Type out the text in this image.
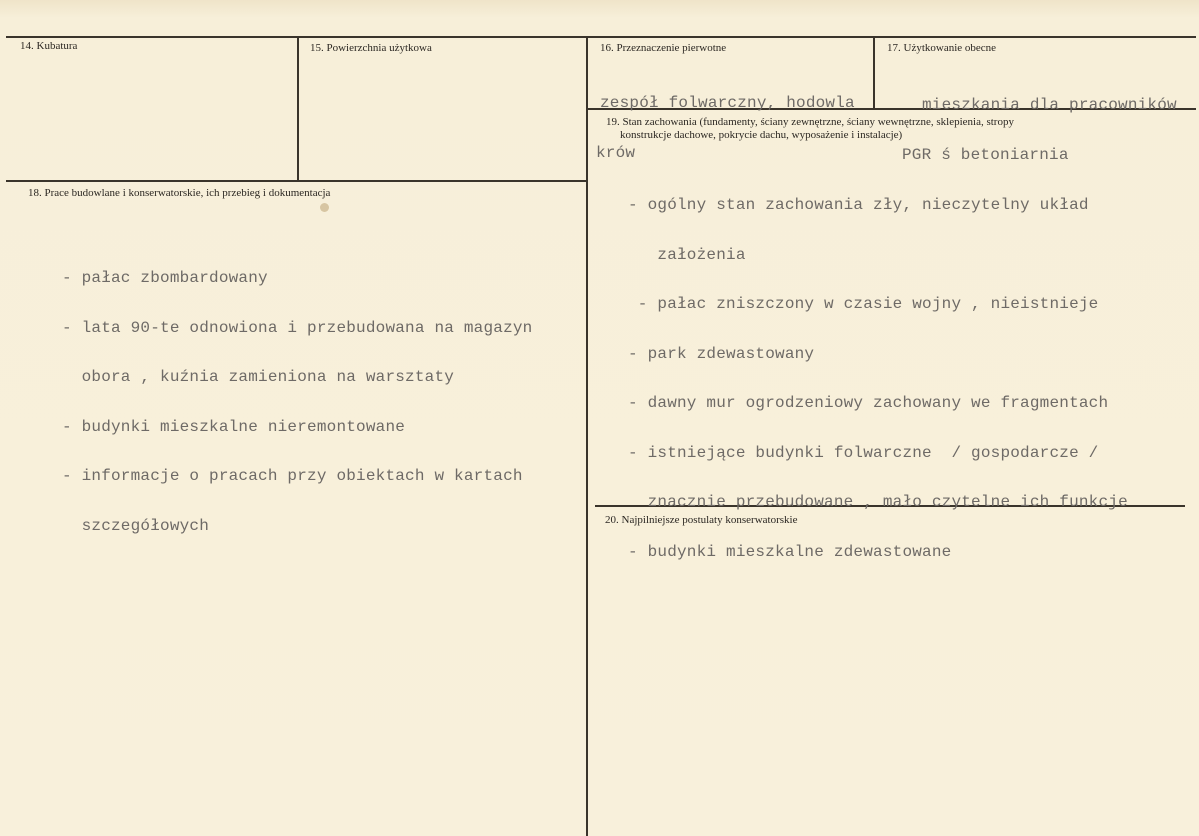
14. Kubatura	15. Powierzchnia użytkowa	16. Przeznaczenie pierwotne

zespół folwarczny, hodowla

krów

17. Użytkowanie obecne

mieszkania dla pracowników

PGR ś betoniarnia

18. Prace budowlane i konserwatorskie, ich przebieg i dokumentacja

- pałac zbombardowany

- lata 90-te odnowiona i przebudowana na magazyn

obora , kuźnia zamieniona na warsztaty

- budynki mieszkalne nieremontowane

- informacje o pracach przy obiektach w kartach

szczegółowych

19. Stan zachowania (fundamenty, ściany zewnętrzne, ściany wewnętrzne, sklepienia, stropy
konstrukcje dachowe, pokrycie dachu, wyposażenie i instalacje)

- ogólny stan zachowania zły, nieczytelny układ

założenia

- pałac zniszczony w czasie wojny , nieistnieje

- park zdewastowany

- dawny mur ogrodzeniowy zachowany we fragmentach

- istniejące budynki folwarczne  / gospodarcze /

znacznie przebudowane , mało czytelne ich funkcje

- budynki mieszkalne zdewastowane

20. Najpilniejsze postulaty konserwatorskie
